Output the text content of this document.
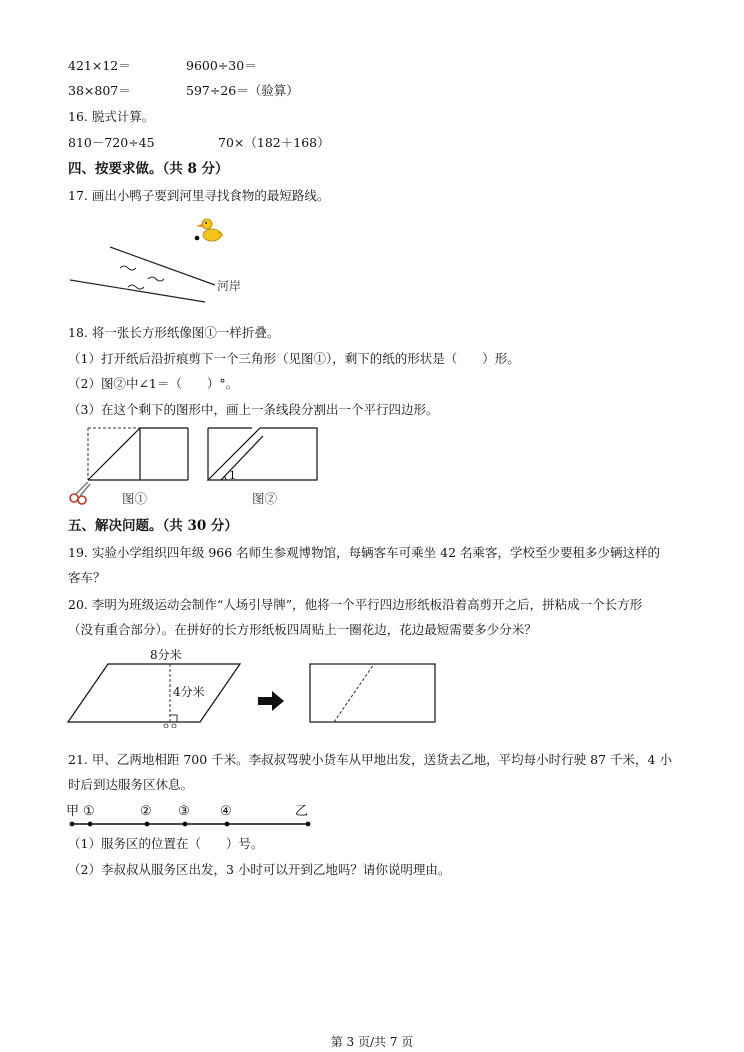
421×12＝	9600÷30＝
38×807＝	597÷26＝（验算）
16. 脱式计算。
810－720÷45	70×（182＋168）
四、按要求做。（共 8 分）
17. 画出小鸭子要到河里寻找食物的最短路线。
河岸
18. 将一张长方形纸像图①一样折叠。
（1）打开纸后沿折痕剪下一个三角形（见图①），剩下的纸的形状是（　　）形。
（2）图②中∠1＝（　　）°。
（3）在这个剩下的图形中，画上一条线段分割出一个平行四边形。
图①
1
图②
五、解决问题。（共 30 分）
19. 实验小学组织四年级 966 名师生参观博物馆，每辆客车可乘坐 42 名乘客，学校至少要租多少辆这样的
客车？
20. 李明为班级运动会制作“人场引导牌”，他将一个平行四边形纸板沿着高剪开之后，拼粘成一个长方形
（没有重合部分）。在拼好的长方形纸板四周贴上一圈花边，花边最短需要多少分米？
8分米
4分米
21. 甲、乙两地相距 700 千米。李叔叔驾驶小货车从甲地出发，送货去乙地，平均每小时行驶 87 千米，4 小
时后到达服务区休息。
甲 ①	② ③ ④	乙
（1）服务区的位置在（　　）号。
（2）李叔叔从服务区出发，3 小时可以开到乙地吗？请你说明理由。
第 3 页/共 7 页
